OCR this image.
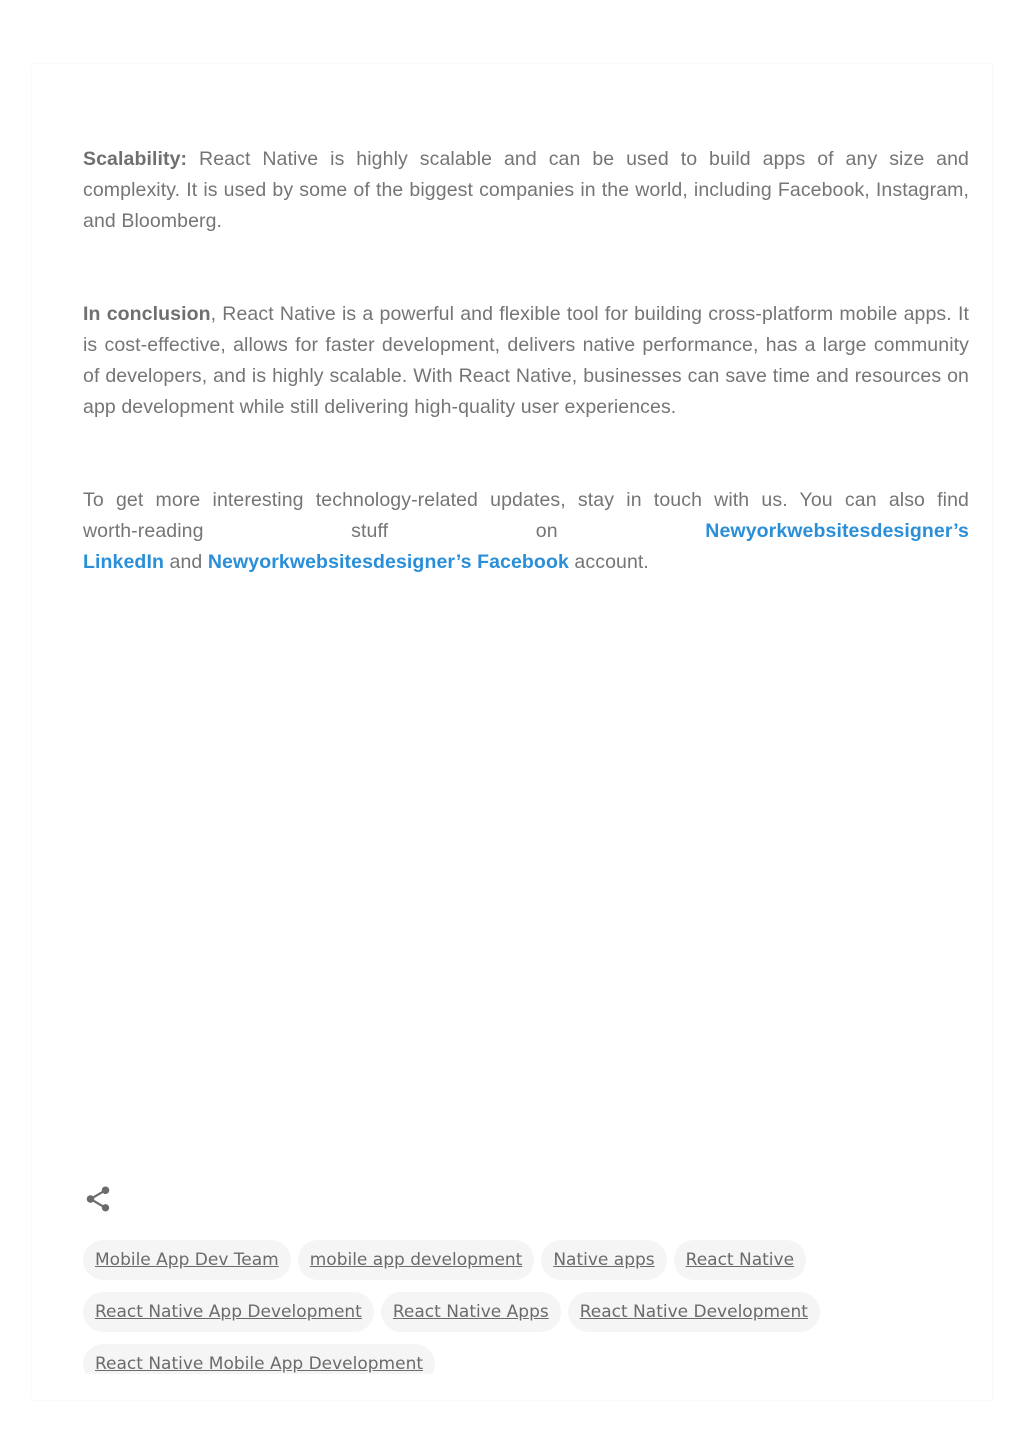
Scalability: React Native is highly scalable and can be used to build apps of any size and complexity. It is used by some of the biggest companies in the world, including Facebook, Instagram, and Bloomberg.

In conclusion, React Native is a powerful and flexible tool for building cross-platform mobile apps. It is cost-effective, allows for faster development, delivers native performance, has a large community of developers, and is highly scalable. With React Native, businesses can save time and resources on app development while still delivering high-quality user experiences.

To get more interesting technology-related updates, stay in touch with us. You can also find
worth-reading	stuff	on	Newyorkwebsitesdesigner’s
LinkedIn and Newyorkwebsitesdesigner’s Facebook account.

Mobile App Dev Team mobile app development Native apps React NativeReact Native App Development React Native Apps React Native DevelopmentReact Native Mobile App Development
